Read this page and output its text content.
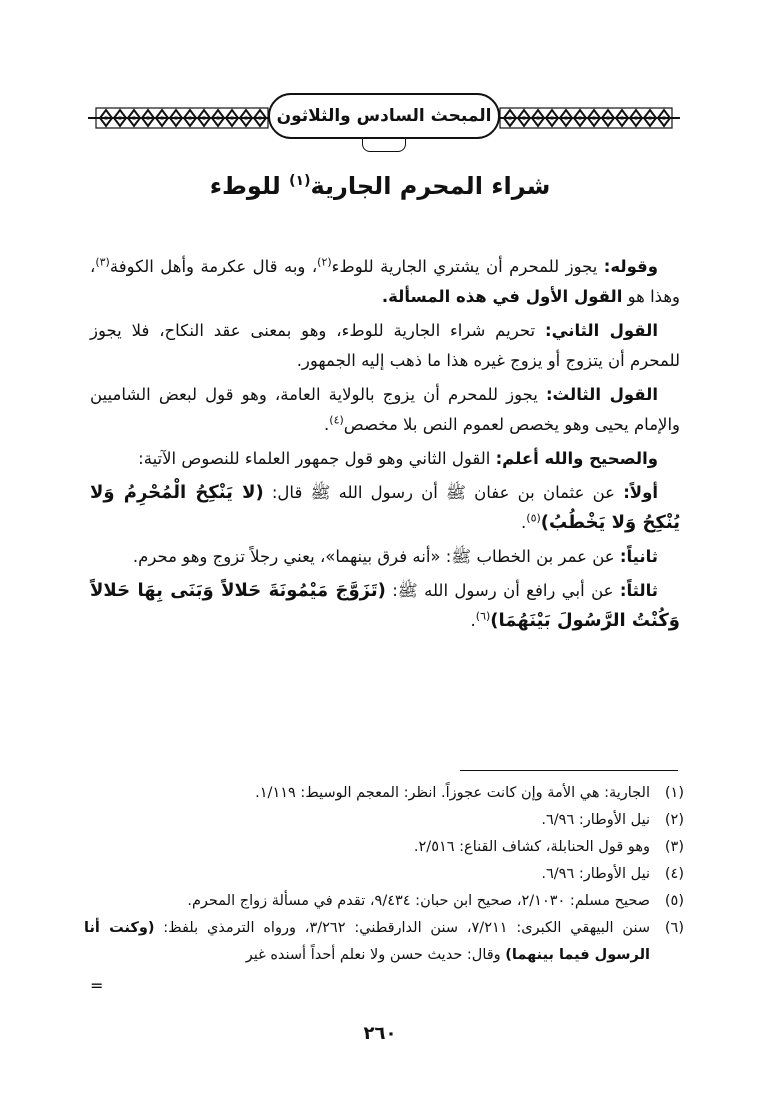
المبحث السادس والثلاثون
شراء المحرم الجارية$^{(١)}$ للوطء

وقوله: يجوز للمحرم أن يشتري الجارية للوطء$^{(٢)}$، وبه قال عكرمة وأهل الكوفة$^{(٣)}$، وهذا هو القول الأول في هذه المسألة.

القول الثاني: تحريم شراء الجارية للوطء، وهو بمعنى عقد النكاح، فلا يجوز للمحرم أن يتزوج أو يزوج غيره هذا ما ذهب إليه الجمهور.

القول الثالث: يجوز للمحرم أن يزوج بالولاية العامة، وهو قول لبعض الشاميين والإمام يحيى وهو يخصص لعموم النص بلا مخصص$^{(٤)}$.

والصحيح والله أعلم: القول الثاني وهو قول جمهور العلماء للنصوص الآتية:

أولاً: عن عثمان بن عفان ﷺ أن رسول الله ﷺ قال: (لا يَنْكِحُ الْمُحْرِمُ وَلا يُنْكِحُ وَلا يَخْطُبُ)$^{(٥)}$.

ثانياً: عن عمر بن الخطاب ﷺ: «أنه فرق بينهما»، يعني رجلاً تزوج وهو محرم.

ثالثاً: عن أبي رافع أن رسول الله ﷺ: (تَزَوَّجَ مَيْمُونَةَ حَلالاً وَبَنَى بِهَا حَلالاً وَكُنْتُ الرَّسُولَ بَيْنَهُمَا)$^{(٦)}$.

(١)
الجارية: هي الأمة وإن كانت عجوزاً. انظر: المعجم الوسيط: ١/١١٩.
(٢)
نيل الأوطار: ٦/٩٦.
(٣)
وهو قول الحنابلة، كشاف القناع: ٢/٥١٦.
(٤)
نيل الأوطار: ٦/٩٦.
(٥)
صحيح مسلم: ٢/١٠٣٠، صحيح ابن حبان: ٩/٤٣٤، تقدم في مسألة زواج المحرم.
(٦)
سنن البيهقي الكبرى: ٧/٢١١، سنن الدارقطني: ٣/٢٦٢، ورواه الترمذي بلفظ: (وكنت أنا الرسول فيما بينهما) وقال: حديث حسن ولا نعلم أحداً أسنده غير
=
٢٦٠
